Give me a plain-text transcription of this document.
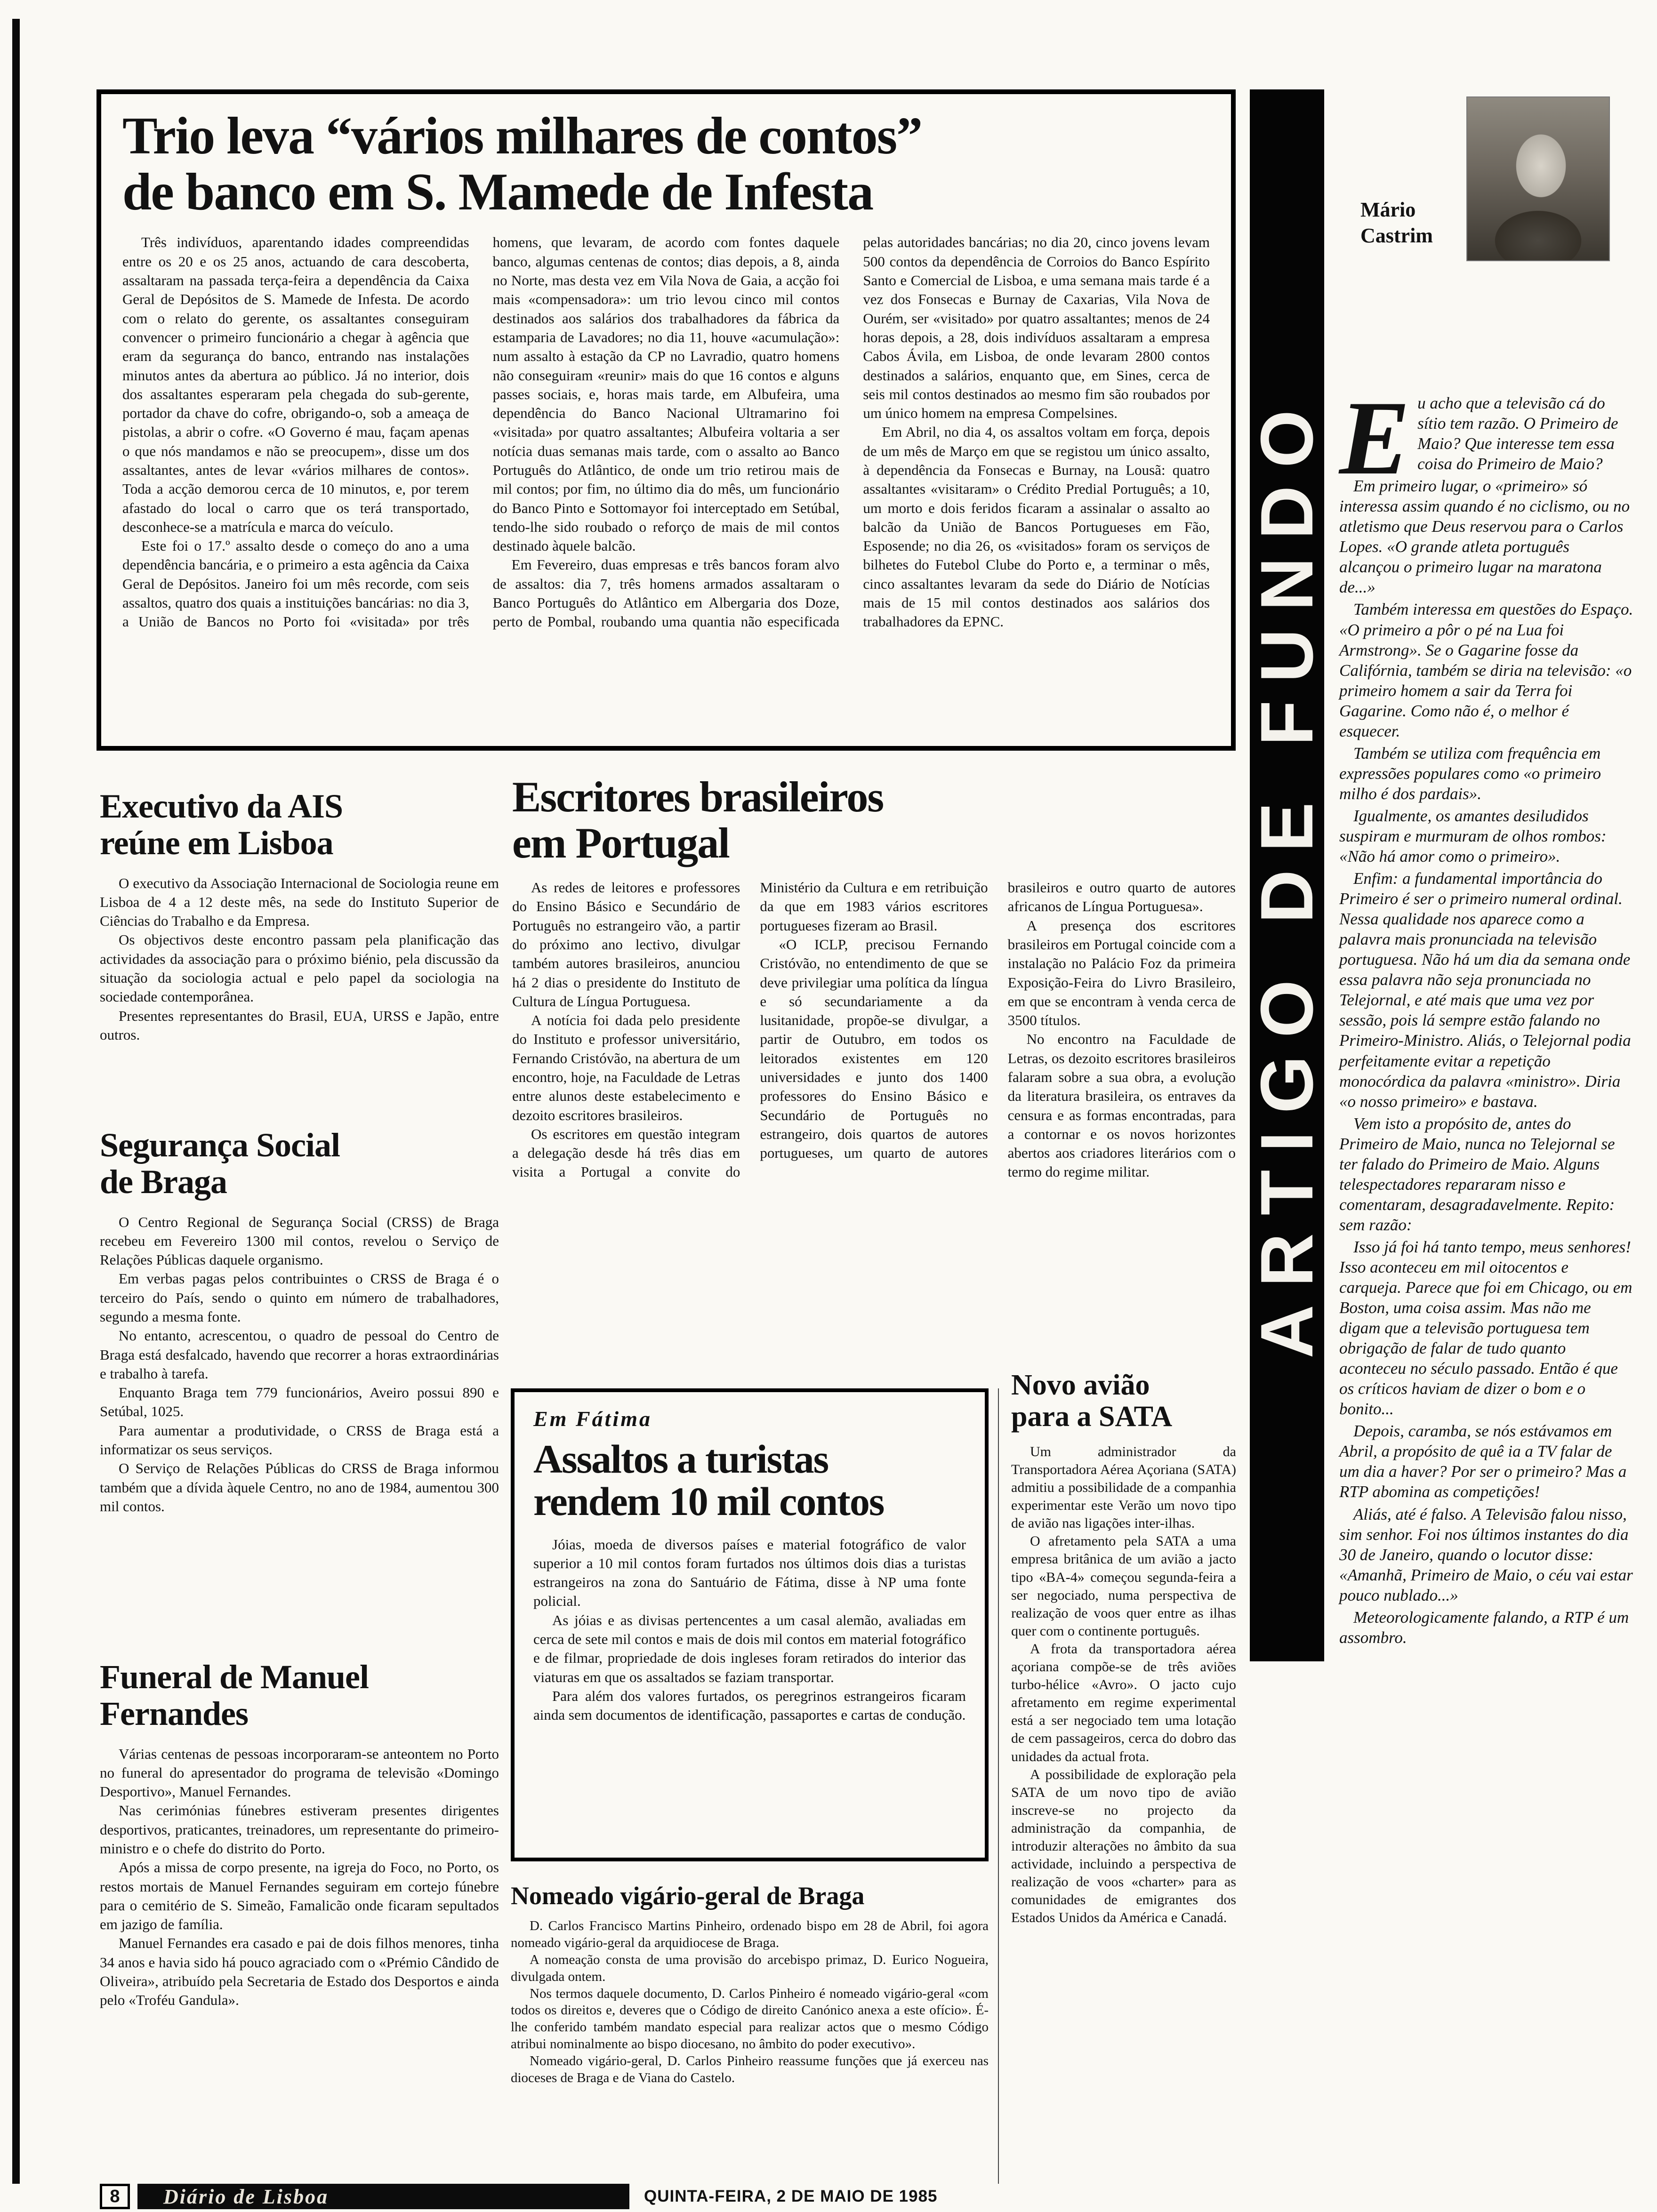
Trio leva “vários milhares de contos”
de banco em S. Mamede de Infesta

Três indivíduos, aparentando idades compreendidas entre os 20 e os 25 anos, actuando de cara descoberta, assaltaram na passada terça-feira a dependência da Caixa Geral de Depósitos de S. Mamede de Infesta. De acordo com o relato do gerente, os assaltantes conseguiram convencer o primeiro funcionário a chegar à agência que eram da segurança do banco, entrando nas instalações minutos antes da abertura ao público. Já no interior, dois dos assaltantes esperaram pela chegada do sub-gerente, portador da chave do cofre, obrigando-o, sob a ameaça de pistolas, a abrir o cofre. «O Governo é mau, façam apenas o que nós mandamos e não se preocupem», disse um dos assaltantes, antes de levar «vários milhares de contos». Toda a acção demorou cerca de 10 minutos, e, por terem afastado do local o carro que os terá transportado, desconhece-se a matrícula e marca do veículo.

Este foi o 17.º assalto desde o começo do ano a uma dependência bancária, e o primeiro a esta agência da Caixa Geral de Depósitos. Janeiro foi um mês recorde, com seis assaltos, quatro dos quais a instituições bancárias: no dia 3, a União de Bancos no Porto foi «visitada» por três homens, que levaram, de acordo com fontes daquele banco, algumas centenas de contos; dias depois, a 8, ainda no Norte, mas desta vez em Vila Nova de Gaia, a acção foi mais «compensadora»: um trio levou cinco mil contos destinados aos salários dos trabalhadores da fábrica da estamparia de Lavadores; no dia 11, houve «acumulação»: num assalto à estação da CP no Lavradio, quatro homens não conseguiram «reunir» mais do que 16 contos e alguns passes sociais, e, horas mais tarde, em Albufeira, uma dependência do Banco Nacional Ultramarino foi «visitada» por quatro assaltantes; Albufeira voltaria a ser notícia duas semanas mais tarde, com o assalto ao Banco Português do Atlântico, de onde um trio retirou mais de mil contos; por fim, no último dia do mês, um funcionário do Banco Pinto e Sottomayor foi interceptado em Setúbal, tendo-lhe sido roubado o reforço de mais de mil contos destinado àquele balcão.

Em Fevereiro, duas empresas e três bancos foram alvo de assaltos: dia 7, três homens armados assaltaram o Banco Português do Atlântico em Albergaria dos Doze, perto de Pombal, roubando uma quantia não especificada pelas autoridades bancárias; no dia 20, cinco jovens levam 500 contos da dependência de Corroios do Banco Espírito Santo e Comercial de Lisboa, e uma semana mais tarde é a vez dos Fonsecas e Burnay de Caxarias, Vila Nova de Ourém, ser «visitado» por quatro assaltantes; menos de 24 horas depois, a 28, dois indivíduos assaltaram a empresa Cabos Ávila, em Lisboa, de onde levaram 2800 contos destinados a salários, enquanto que, em Sines, cerca de seis mil contos destinados ao mesmo fim são roubados por um único homem na empresa Compelsines.

Em Abril, no dia 4, os assaltos voltam em força, depois de um mês de Março em que se registou um único assalto, à dependência da Fonsecas e Burnay, na Lousã: quatro assaltantes «visitaram» o Crédito Predial Português; a 10, um morto e dois feridos ficaram a assinalar o assalto ao balcão da União de Bancos Portugueses em Fão, Esposende; no dia 26, os «visitados» foram os serviços de bilhetes do Futebol Clube do Porto e, a terminar o mês, cinco assaltantes levaram da sede do Diário de Notícias mais de 15 mil contos destinados aos salários dos trabalhadores da EPNC.

Mário
Castrim
ARTIGO DE FUNDO Eu acho que a televisão cá do sítio tem razão. O Primeiro de Maio? Que interesse tem essa coisa do Primeiro de Maio?

Em primeiro lugar, o «primeiro» só interessa assim quando é no ciclismo, ou no atletismo que Deus reservou para o Carlos Lopes. «O grande atleta português alcançou o primeiro lugar na maratona de...»

Também interessa em questões do Espaço. «O primeiro a pôr o pé na Lua foi Armstrong». Se o Gagarine fosse da Califórnia, também se diria na televisão: «o primeiro homem a sair da Terra foi Gagarine. Como não é, o melhor é esquecer.

Também se utiliza com frequência em expressões populares como «o primeiro milho é dos pardais».

Igualmente, os amantes desiludidos suspiram e murmuram de olhos rombos: «Não há amor como o primeiro».

Enfim: a fundamental importância do Primeiro é ser o primeiro numeral ordinal. Nessa qualidade nos aparece como a palavra mais pronunciada na televisão portuguesa. Não há um dia da semana onde essa palavra não seja pronunciada no Telejornal, e até mais que uma vez por sessão, pois lá sempre estão falando no Primeiro-Ministro. Aliás, o Telejornal podia perfeitamente evitar a repetição monocórdica da palavra «ministro». Diria «o nosso primeiro» e bastava.

Vem isto a propósito de, antes do Primeiro de Maio, nunca no Telejornal se ter falado do Primeiro de Maio. Alguns telespectadores repararam nisso e comentaram, desagradavelmente. Repito: sem razão:

Isso já foi há tanto tempo, meus senhores! Isso aconteceu em mil oitocentos e carqueja. Parece que foi em Chicago, ou em Boston, uma coisa assim. Mas não me digam que a televisão portuguesa tem obrigação de falar de tudo quanto aconteceu no século passado. Então é que os críticos haviam de dizer o bom e o bonito...

Depois, caramba, se nós estávamos em Abril, a propósito de quê ia a TV falar de um dia a haver? Por ser o primeiro? Mas a RTP abomina as competições!

Aliás, até é falso. A Televisão falou nisso, sim senhor. Foi nos últimos instantes do dia 30 de Janeiro, quando o locutor disse: «Amanhã, Primeiro de Maio, o céu vai estar pouco nublado...»

Meteorologicamente falando, a RTP é um assombro.

Executivo da AIS
reúne em Lisboa

O executivo da Associação Internacional de Sociologia reune em Lisboa de 4 a 12 deste mês, na sede do Instituto Superior de Ciências do Trabalho e da Empresa.

Os objectivos deste encontro passam pela planificação das actividades da associação para o próximo biénio, pela discussão da situação da sociologia actual e pelo papel da sociologia na sociedade contemporânea.

Presentes representantes do Brasil, EUA, URSS e Japão, entre outros.

Segurança Social
de Braga

O Centro Regional de Segurança Social (CRSS) de Braga recebeu em Fevereiro 1300 mil contos, revelou o Serviço de Relações Públicas daquele organismo.

Em verbas pagas pelos contribuintes o CRSS de Braga é o terceiro do País, sendo o quinto em número de trabalhadores, segundo a mesma fonte.

No entanto, acrescentou, o quadro de pessoal do Centro de Braga está desfalcado, havendo que recorrer a horas extraordinárias e trabalho à tarefa.

Enquanto Braga tem 779 funcionários, Aveiro possui 890 e Setúbal, 1025.

Para aumentar a produtividade, o CRSS de Braga está a informatizar os seus serviços.

O Serviço de Relações Públicas do CRSS de Braga informou também que a dívida àquele Centro, no ano de 1984, aumentou 300 mil contos.

Funeral de Manuel
Fernandes

Várias centenas de pessoas incorporaram-se anteontem no Porto no funeral do apresentador do programa de televisão «Domingo Desportivo», Manuel Fernandes.

Nas cerimónias fúnebres estiveram presentes dirigentes desportivos, praticantes, treinadores, um representante do primeiro-ministro e o chefe do distrito do Porto.

Após a missa de corpo presente, na igreja do Foco, no Porto, os restos mortais de Manuel Fernandes seguiram em cortejo fúnebre para o cemitério de S. Simeão, Famalicão onde ficaram sepultados em jazigo de família.

Manuel Fernandes era casado e pai de dois filhos menores, tinha 34 anos e havia sido há pouco agraciado com o «Prémio Cândido de Oliveira», atribuído pela Secretaria de Estado dos Desportos e ainda pelo «Troféu Gandula».

Escritores brasileiros
em Portugal

As redes de leitores e professores do Ensino Básico e Secundário de Português no estrangeiro vão, a partir do próximo ano lectivo, divulgar também autores brasileiros, anunciou há 2 dias o presidente do Instituto de Cultura de Língua Portuguesa.

A notícia foi dada pelo presidente do Instituto e professor universitário, Fernando Cristóvão, na abertura de um encontro, hoje, na Faculdade de Letras entre alunos deste estabelecimento e dezoito escritores brasileiros.

Os escritores em questão integram a delegação desde há três dias em visita a Portugal a convite do Ministério da Cultura e em retribuição da que em 1983 vários escritores portugueses fizeram ao Brasil.

«O ICLP, precisou Fernando Cristóvão, no entendimento de que se deve privilegiar uma política da língua e só secundariamente a da lusitanidade, propõe-se divulgar, a partir de Outubro, em todos os leitorados existentes em 120 universidades e junto dos 1400 professores do Ensino Básico e Secundário de Português no estrangeiro, dois quartos de autores portugueses, um quarto de autores brasileiros e outro quarto de autores africanos de Língua Portuguesa».

A presença dos escritores brasileiros em Portugal coincide com a instalação no Palácio Foz da primeira Exposição-Feira do Livro Brasileiro, em que se encontram à venda cerca de 3500 títulos.

No encontro na Faculdade de Letras, os dezoito escritores brasileiros falaram sobre a sua obra, a evolução da literatura brasileira, os entraves da censura e as formas encontradas, para a contornar e os novos horizontes abertos aos criadores literários com o termo do regime militar.

Em Fátima

Assaltos a turistas
rendem 10 mil contos

Jóias, moeda de diversos países e material fotográfico de valor superior a 10 mil contos foram furtados nos últimos dois dias a turistas estrangeiros na zona do Santuário de Fátima, disse à NP uma fonte policial.

As jóias e as divisas pertencentes a um casal alemão, avaliadas em cerca de sete mil contos e mais de dois mil contos em material fotográfico e de filmar, propriedade de dois ingleses foram retirados do interior das viaturas em que os assaltados se faziam transportar.

Para além dos valores furtados, os peregrinos estrangeiros ficaram ainda sem documentos de identificação, passaportes e cartas de condução.

Nomeado vigário-geral de Braga

D. Carlos Francisco Martins Pinheiro, ordenado bispo em 28 de Abril, foi agora nomeado vigário-geral da arquidiocese de Braga.

A nomeação consta de uma provisão do arcebispo primaz, D. Eurico Nogueira, divulgada ontem.

Nos termos daquele documento, D. Carlos Pinheiro é nomeado vigário-geral «com todos os direitos e, deveres que o Código de direito Canónico anexa a este ofício». É-lhe conferido também mandato especial para realizar actos que o mesmo Código atribui nominalmente ao bispo diocesano, no âmbito do poder executivo».

Nomeado vigário-geral, D. Carlos Pinheiro reassume funções que já exerceu nas dioceses de Braga e de Viana do Castelo.

Novo avião
para a SATA

Um administrador da Transportadora Aérea Açoriana (SATA) admitiu a possibilidade de a companhia experimentar este Verão um novo tipo de avião nas ligações inter-ilhas.

O afretamento pela SATA a uma empresa britânica de um avião a jacto tipo «BA-4» começou segunda-feira a ser negociado, numa perspectiva de realização de voos quer entre as ilhas quer com o continente português.

A frota da transportadora aérea açoriana compõe-se de três aviões turbo-hélice «Avro». O jacto cujo afretamento em regime experimental está a ser negociado tem uma lotação de cem passageiros, cerca do dobro das unidades da actual frota.

A possibilidade de exploração pela SATA de um novo tipo de avião inscreve-se no projecto da administração da companhia, de introduzir alterações no âmbito da sua actividade, incluindo a perspectiva de realização de voos «charter» para as comunidades de emigrantes dos Estados Unidos da América e Canadá.

8	Diário de Lisboa	QUINTA-FEIRA, 2 DE MAIO DE 1985
